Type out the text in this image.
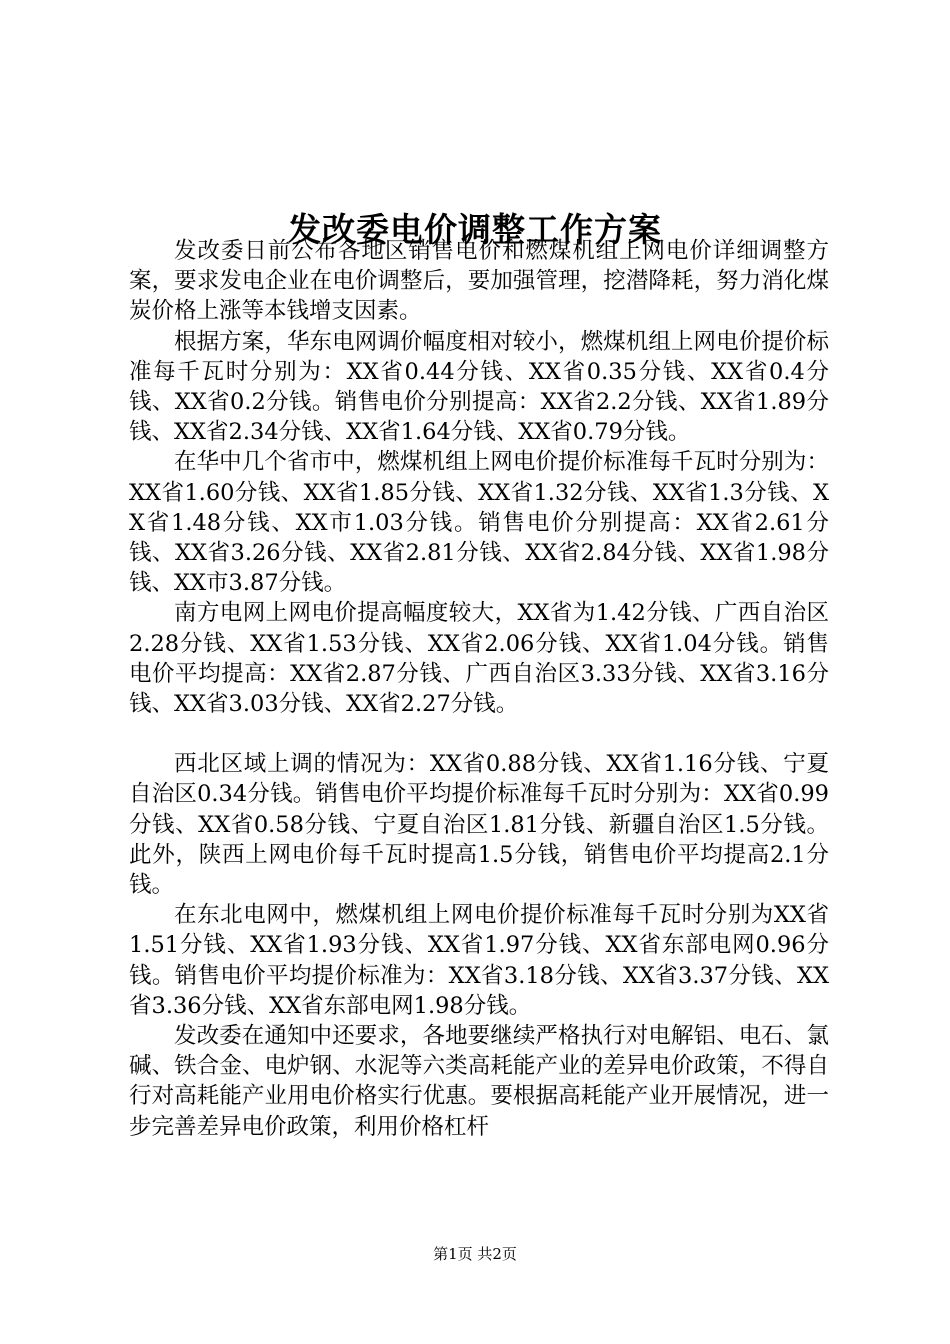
发改委电价调整工作方案

发改委日前公布各地区销售电价和燃煤机组上网电价详细调整方案，要求发电企业在电价调整后，要加强管理，挖潜降耗，努力消化煤炭价格上涨等本钱增支因素。

根据方案，华东电网调价幅度相对较小，燃煤机组上网电价提价标准每千瓦时分别为：XX省0.44分钱、XX省0.35分钱、XX省0.4分钱、XX省0.2分钱。销售电价分别提高：XX省2.2分钱、XX省1.89分钱、XX省2.34分钱、XX省1.64分钱、XX省0.79分钱。

在华中几个省市中，燃煤机组上网电价提价标准每千瓦时分别为：XX省1.60分钱、XX省1.85分钱、XX省1.32分钱、XX省1.3分钱、XX省1.48分钱、XX市1.03分钱。销售电价分别提高：XX省2.61分钱、XX省3.26分钱、XX省2.81分钱、XX省2.84分钱、XX省1.98分钱、XX市3.87分钱。

南方电网上网电价提高幅度较大，XX省为1.42分钱、广西自治区2.28分钱、XX省1.53分钱、XX省2.06分钱、XX省1.04分钱。销售电价平均提高：XX省2.87分钱、广西自治区3.33分钱、XX省3.16分钱、XX省3.03分钱、XX省2.27分钱。

西北区域上调的情况为：XX省0.88分钱、XX省1.16分钱、宁夏自治区0.34分钱。销售电价平均提价标准每千瓦时分别为：XX省0.99分钱、XX省0.58分钱、宁夏自治区1.81分钱、新疆自治区1.5分钱。此外，陕西上网电价每千瓦时提高1.5分钱，销售电价平均提高2.1分钱。

在东北电网中，燃煤机组上网电价提价标准每千瓦时分别为XX省1.51分钱、XX省1.93分钱、XX省1.97分钱、XX省东部电网0.96分钱。销售电价平均提价标准为：XX省3.18分钱、XX省3.37分钱、XX省3.36分钱、XX省东部电网1.98分钱。

发改委在通知中还要求，各地要继续严格执行对电解铝、电石、氯碱、铁合金、电炉钢、水泥等六类高耗能产业的差异电价政策，不得自行对高耗能产业用电价格实行优惠。要根据高耗能产业开展情况，进一步完善差异电价政策，利用价格杠杆

第1页 共2页
